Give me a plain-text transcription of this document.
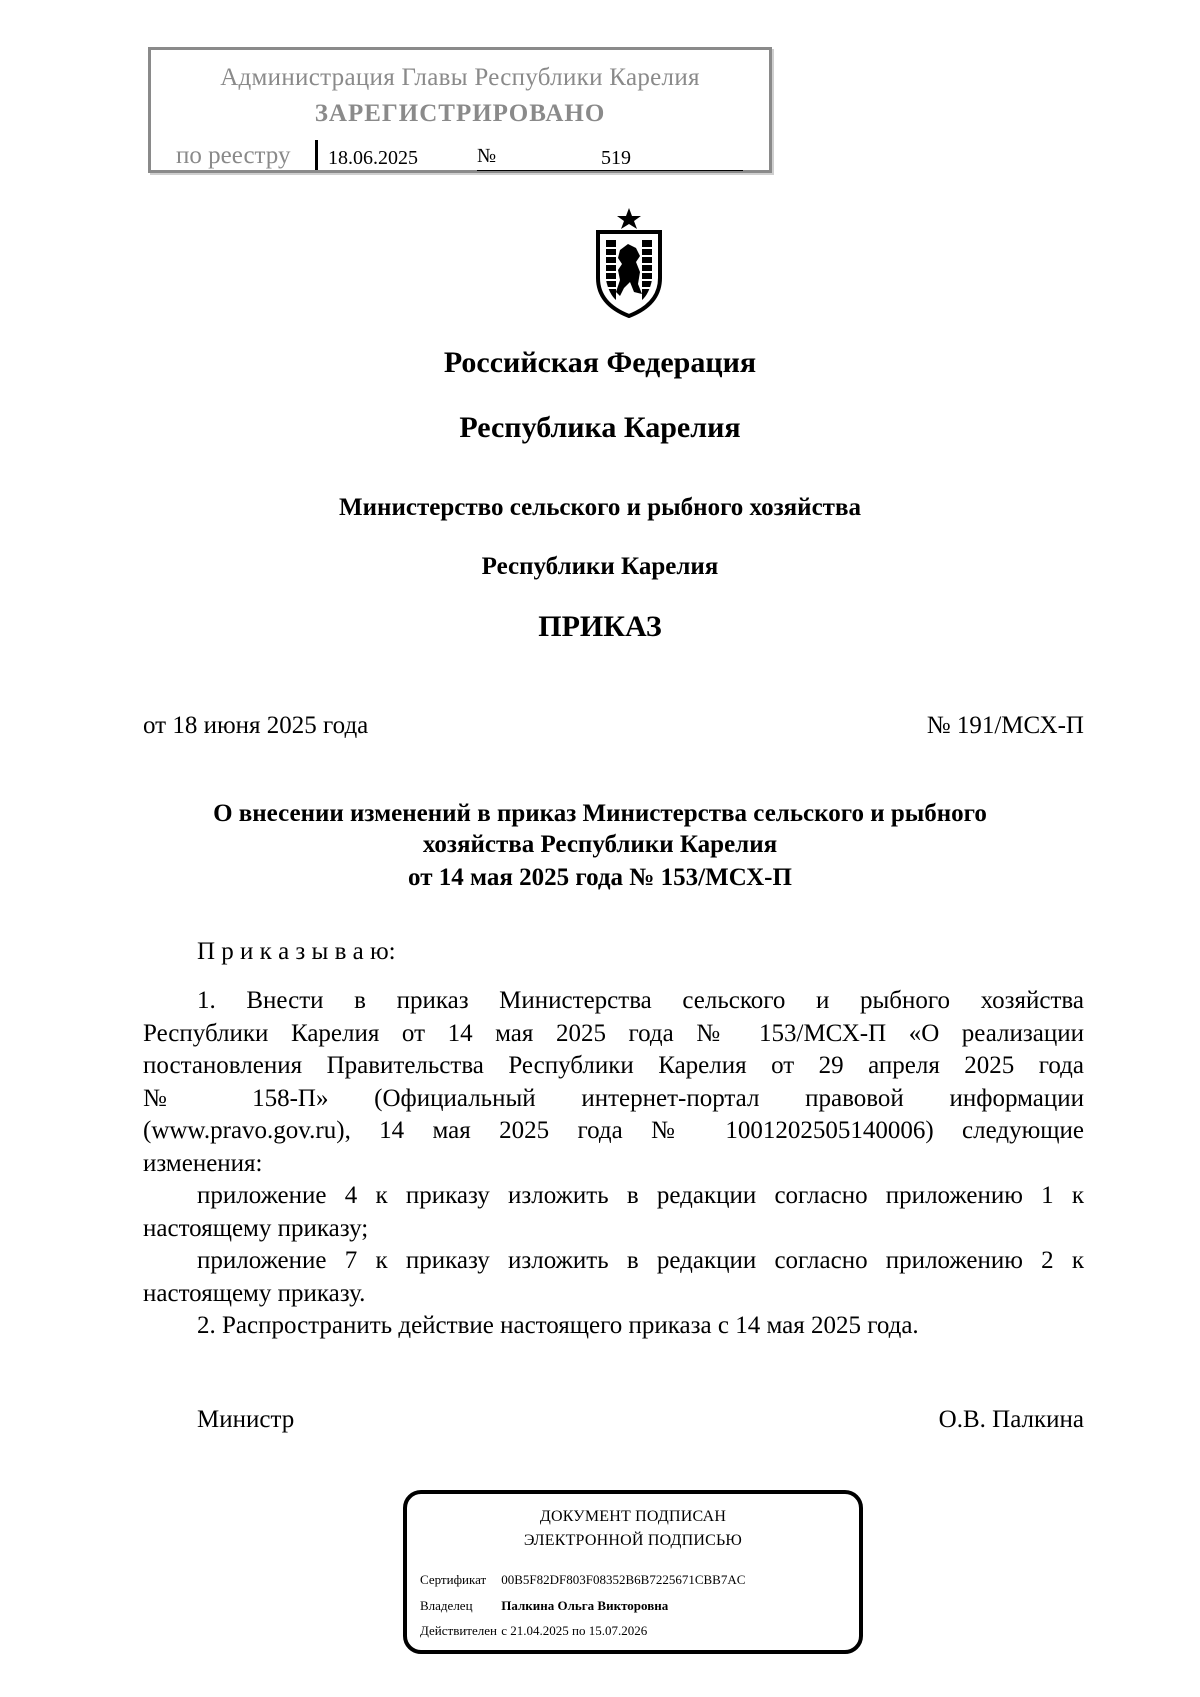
Администрация Главы Республики Карелия
ЗАРЕГИСТРИРОВАНО
по реестру 18.06.2025	№	519
Российская Федерация
Республика Карелия
Министерство сельского и рыбного хозяйства
Республики Карелия
ПРИКАЗ
от 18 июня 2025 года	№ 191/МСХ-П
О внесении изменений в приказ Министерства сельского и рыбного
хозяйства Республики Карелия
от 14 мая 2025 года № 153/МСХ-П
П р и к а з ы в а ю:
1. Внести в приказ Министерства сельского и рыбного хозяйства
Республики Карелия от 14 мая 2025 года № 153/МСХ-П «О реализации
постановления Правительства Республики Карелия от 29 апреля 2025 года
№ 158-П» (Официальный интернет-портал правовой информации
(www.pravo.gov.ru), 14 мая 2025 года № 1001202505140006) следующие
изменения:
приложение 4 к приказу изложить в редакции согласно приложению 1 к
настоящему приказу;
приложение 7 к приказу изложить в редакции согласно приложению 2 к
настоящему приказу.
2. Распространить действие настоящего приказа с 14 мая 2025 года.
Министр	О.В. Палкина
ДОКУМЕНТ ПОДПИСАН
ЭЛЕКТРОННОЙ ПОДПИСЬЮ
Сертификат 00B5F82DF803F08352B6B7225671CBB7AC
Владелец Палкина Ольга Викторовна
Действителен с 21.04.2025 по 15.07.2026
